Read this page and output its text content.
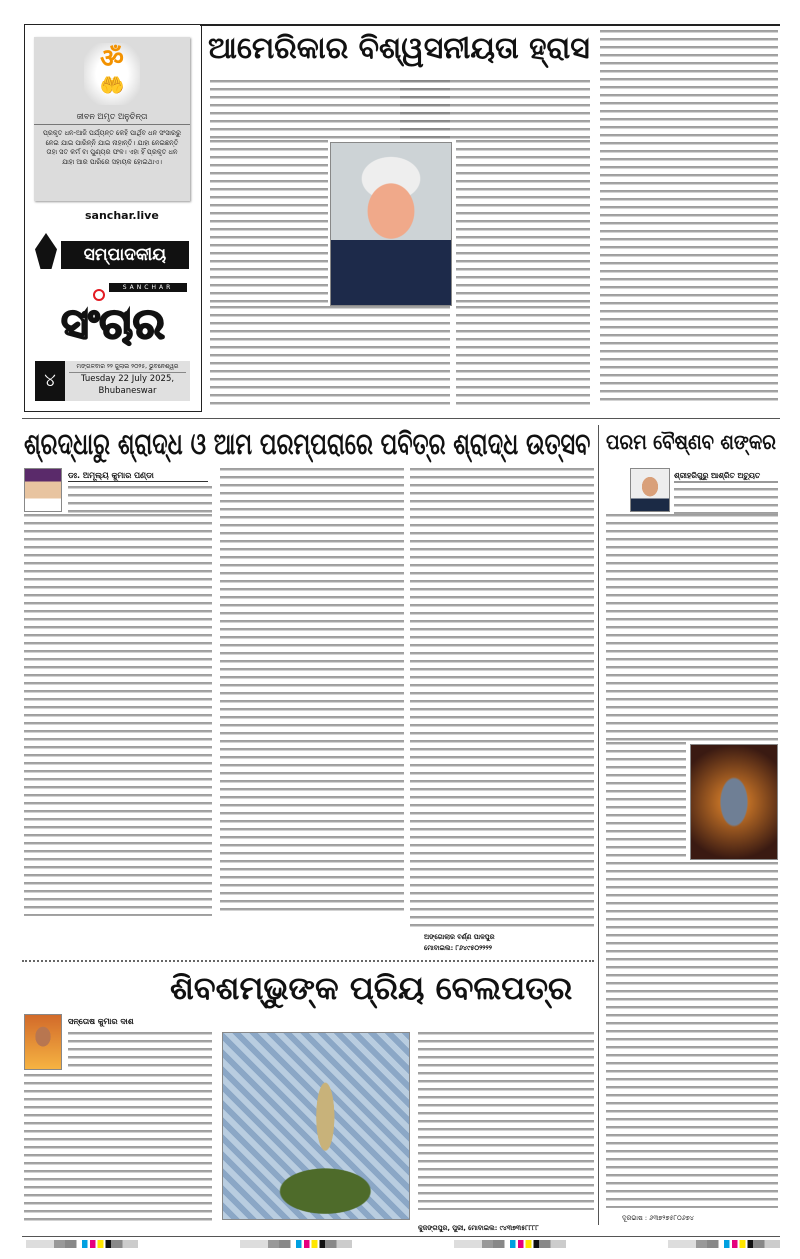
ॐ
🤲
ଜୀବନ ଅମୃତ ଅନୁଚିନ୍ତା
ପ୍ରକୃତ ଧନ-ଆଜି ପର୍ଯ୍ୟନ୍ତ କେହି ପାର୍ଥିବ ଧନ ସଂସାରରୁ ନେଇ ଯାଇ ପାରିନ୍ନି ଯାଇ ନାହାନ୍ତି। ଯାହା ନେଇଛନ୍ତି ତାହା ସତ କର୍ମ ବା ପୁଣ୍ୟର ଫଳ। ଏହା ହିଁ ପ୍ରକୃତ ଧନ ଯାହା ଆର ପାରିରେ ସହାୟକ ହୋଇଥାଏ।
sanchar.live
ସମ୍ପାଦକୀୟ
SANCHAR
ସଂଚାର
୪
ମଙ୍ଗଳବାର ୨୨ ଜୁଲାଇ ୨୦୨୫, ଭୁବନେଶ୍ୱର
Tuesday 22 July 2025,
Bhubaneswar
ଆମେରିକାର ବିଶ୍ୱସନୀୟତା ହ୍ରାସ
ଶ୍ରଦ୍ଧାରୁ ଶ୍ରାଦ୍ଧ ଓ ଆମ ପରମ୍ପରାରେ ପବିତ୍ର ଶ୍ରାଦ୍ଧ ଉତ୍ସବ
ଡଃ. ଅମୂଲ୍ୟ କୁମାର ପଣ୍ଡା
ଅଙ୍ଗୋଲାର ବର୍ଣ୍ଣ ପାଳପୁର
ମୋବାଇଲ: ୮୬୪୯୫୦୨୨୨୨
ପରମ ବୈଷ୍ଣବ ଶଙ୍କର
ଶ୍ରୀହରିଗୁରୁ ଆଶ୍ରିତ ଅଚ୍ୟୁତ
ଦୂରଭାଷ : ୬୩୭୨୭୫୮୦୬୭୪
ଶିବଶମ୍ଭୁଙ୍କ ପ୍ରିୟ ବେଲପତ୍ର
ସନ୍ତୋଷ କୁମାର ଦାଶ
କୁଜଙ୍ଗପୁର, ପୁରୀ, ମୋବାଇଲ: ୯୪୩୭୩୫୮୮୮୮
